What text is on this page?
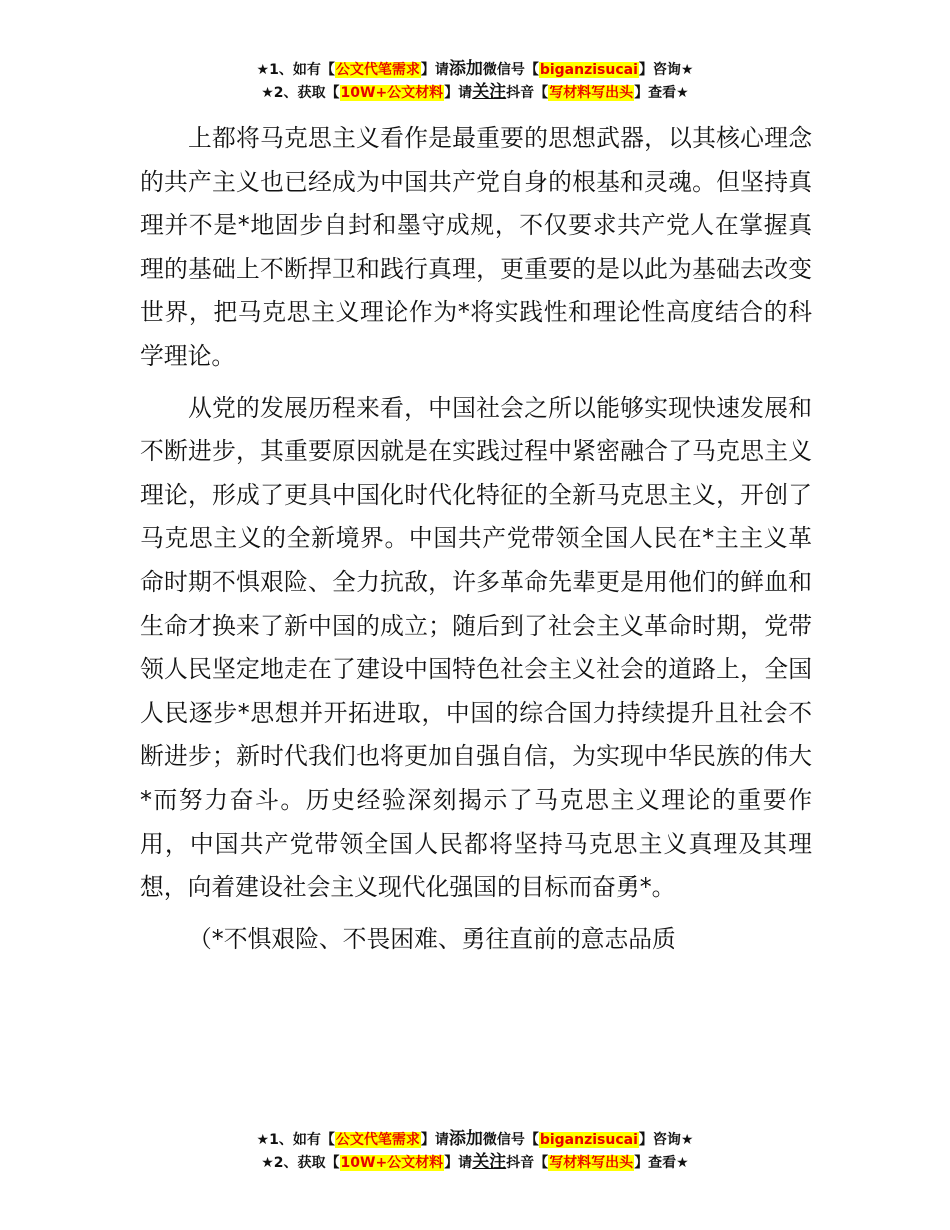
★1、如有【公文代笔需求】请添加微信号【biganzisucai】咨询★
★2、获取【10W+公文材料】请关注抖音【写材料写出头】查看★

上都将马克思主义看作是最重要的思想武器，以其核心理念的共产主义也已经成为中国共产党自身的根基和灵魂。但坚持真理并不是*地固步自封和墨守成规，不仅要求共产党人在掌握真理的基础上不断捍卫和践行真理，更重要的是以此为基础去改变世界，把马克思主义理论作为*将实践性和理论性高度结合的科学理论。

从党的发展历程来看，中国社会之所以能够实现快速发展和不断进步，其重要原因就是在实践过程中紧密融合了马克思主义理论，形成了更具中国化时代化特征的全新马克思主义，开创了马克思主义的全新境界。中国共产党带领全国人民在*主主义革命时期不惧艰险、全力抗敌，许多革命先辈更是用他们的鲜血和生命才换来了新中国的成立；随后到了社会主义革命时期，党带领人民坚定地走在了建设中国特色社会主义社会的道路上，全国人民逐步*思想并开拓进取，中国的综合国力持续提升且社会不断进步；新时代我们也将更加自强自信，为实现中华民族的伟大*而努力奋斗。历史经验深刻揭示了马克思主义理论的重要作用，中国共产党带领全国人民都将坚持马克思主义真理及其理想，向着建设社会主义现代化强国的目标而奋勇*。

（*不惧艰险、不畏困难、勇往直前的意志品质

★1、如有【公文代笔需求】请添加微信号【biganzisucai】咨询★
★2、获取【10W+公文材料】请关注抖音【写材料写出头】查看★
